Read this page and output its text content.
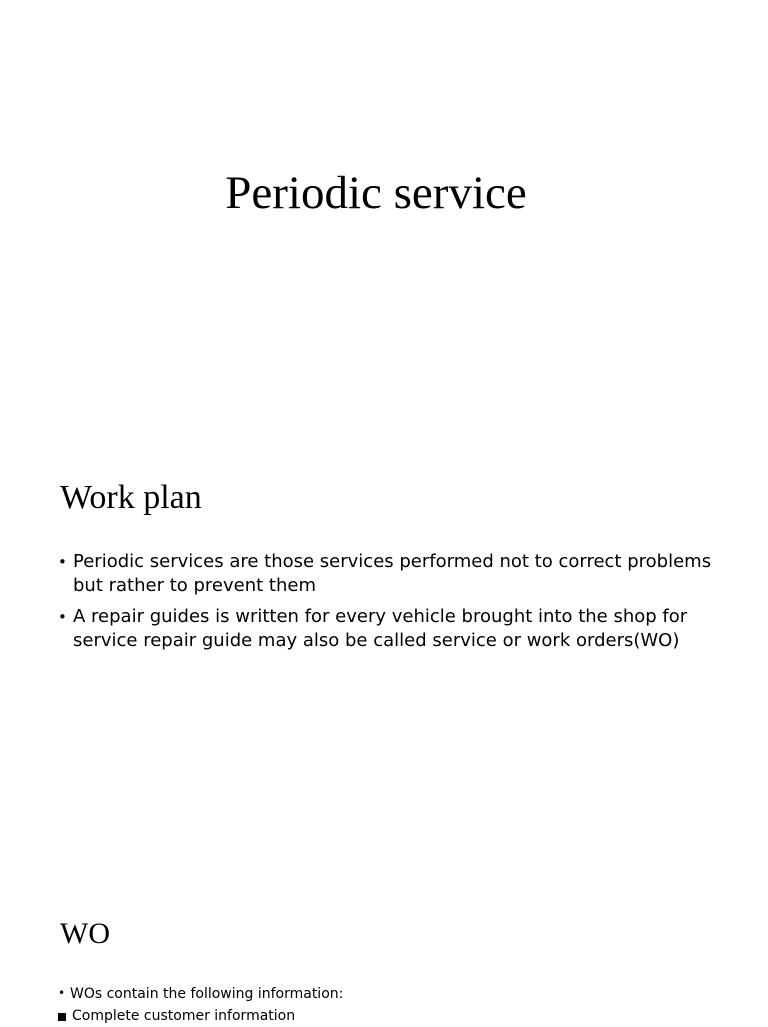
Periodic service
Work plan
• Periodic services are those services performed not to correct problems but rather to prevent them
• A repair guides is written for every vehicle brought into the shop for service repair guide may also be called service or work orders(WO)
WO
• WOs contain the following information:
Complete customer information
